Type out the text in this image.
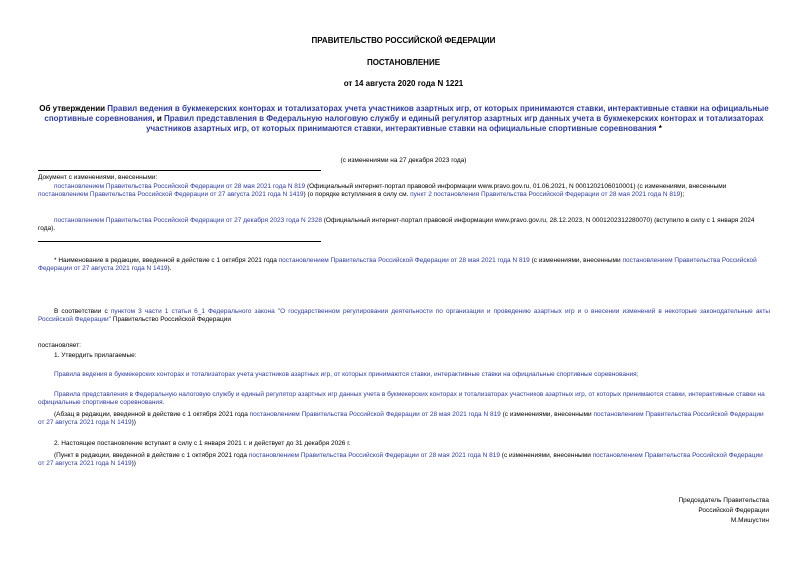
ПРАВИТЕЛЬСТВО РОССИЙСКОЙ ФЕДЕРАЦИИ
ПОСТАНОВЛЕНИЕ
от 14 августа 2020 года N 1221
Об утверждении Правил ведения в букмекерских конторах и тотализаторах учета участников азартных игр, от которых принимаются ставки, интерактивные ставки на официальные спортивные соревнования, и Правил представления в Федеральную налоговую службу и единый регулятор азартных игр данных учета в букмекерских конторах и тотализаторах участников азартных игр, от которых принимаются ставки, интерактивные ставки на официальные спортивные соревнования *
(с изменениями на 27 декабря 2023 года)
Документ с изменениями, внесенными:
постановлением Правительства Российской Федерации от 28 мая 2021 года N 819 (Официальный интернет-портал правовой информации www.pravo.gov.ru, 01.06.2021, N 0001202106010001) (с изменениями, внесенными постановлением Правительства Российской Федерации от 27 августа 2021 года N 1419) (о порядке вступления в силу см. пункт 2 постановления Правительства Российской Федерации от 28 мая 2021 года N 819);
постановлением Правительства Российской Федерации от 27 декабря 2023 года N 2328 (Официальный интернет-портал правовой информации www.pravo.gov.ru, 28.12.2023, N 0001202312280070) (вступило в силу с 1 января 2024 года).
* Наименование в редакции, введенной в действие с 1 октября 2021 года постановлением Правительства Российской Федерации от 28 мая 2021 года N 819 (с изменениями, внесенными постановлением Правительства Российской Федерации от 27 августа 2021 года N 1419).
В соответствии с пунктом 3 части 1 статьи 6_1 Федерального закона "О государственном регулировании деятельности по организации и проведению азартных игр и о внесении изменений в некоторые законодательные акты Российской Федерации" Правительство Российской Федерации
постановляет:
1. Утвердить прилагаемые:
Правила ведения в букмекерских конторах и тотализаторах учета участников азартных игр, от которых принимаются ставки, интерактивные ставки на официальные спортивные соревнования;
Правила представления в Федеральную налоговую службу и единый регулятор азартных игр данных учета в букмекерских конторах и тотализаторах участников азартных игр, от которых принимаются ставки, интерактивные ставки на официальные спортивные соревнования.
(Абзац в редакции, введенной в действие с 1 октября 2021 года постановлением Правительства Российской Федерации от 28 мая 2021 года N 819 (с изменениями, внесенными постановлением Правительства Российской Федерации от 27 августа 2021 года N 1419))
2. Настоящее постановление вступает в силу с 1 января 2021 г. и действует до 31 декабря 2026 г.
(Пункт в редакции, введенной в действие с 1 октября 2021 года постановлением Правительства Российской Федерации от 28 мая 2021 года N 819 (с изменениями, внесенными постановлением Правительства Российской Федерации от 27 августа 2021 года N 1419))
Председатель Правительства
Российской Федерации
М.Мишустин
